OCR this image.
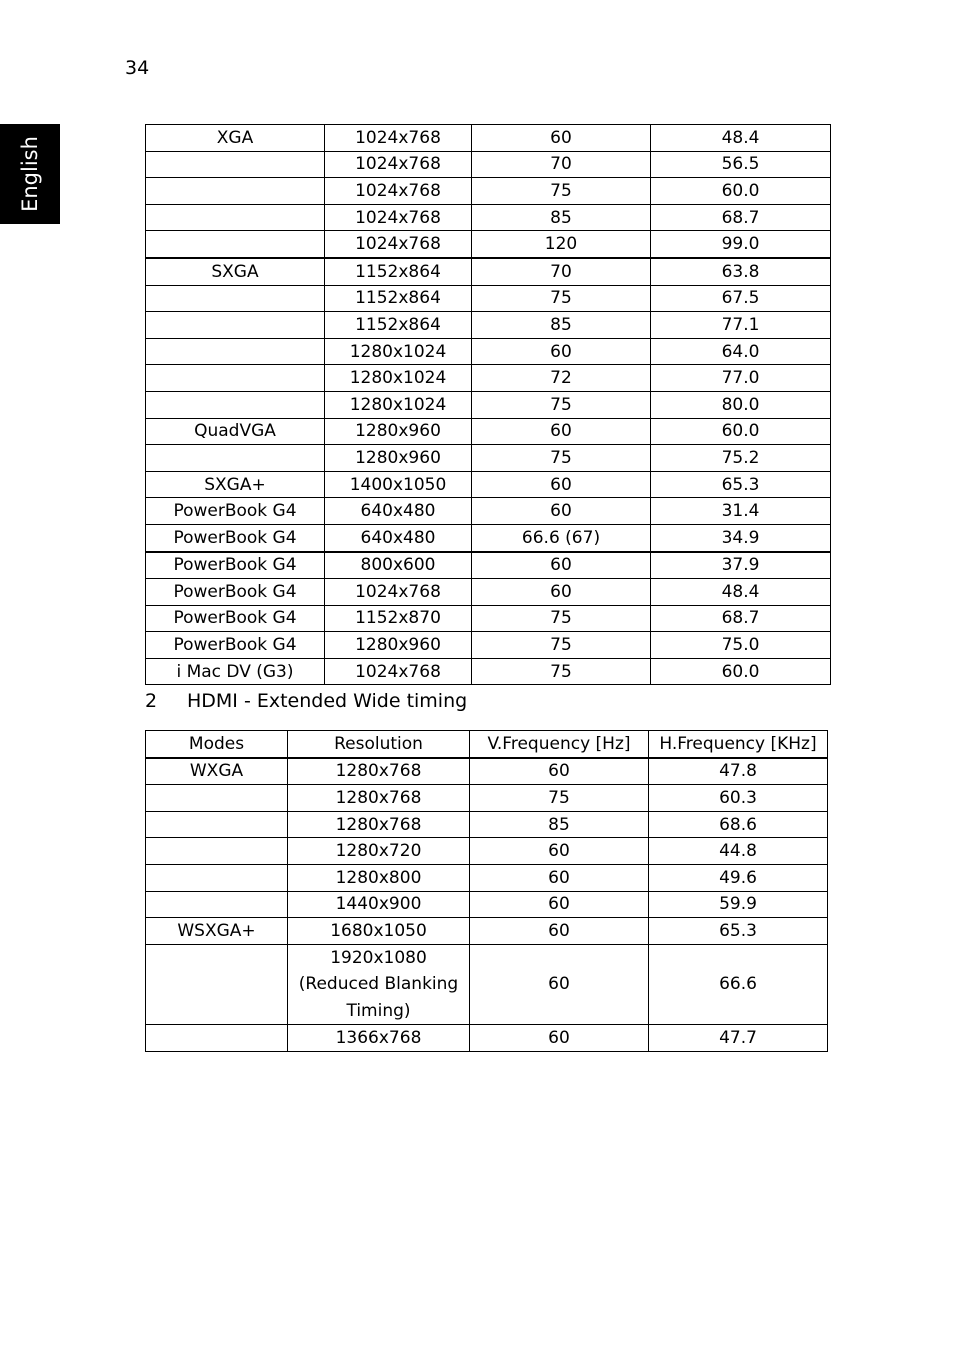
34
English	XGA	1024x768	60	48.4
	1024x768	70	56.5
	1024x768	75	60.0
	1024x768	85	68.7
	1024x768	120	99.0
SXGA	1152x864	70	63.8
	1152x864	75	67.5
	1152x864	85	77.1
	1280x1024	60	64.0
	1280x1024	72	77.0
	1280x1024	75	80.0
QuadVGA	1280x960	60	60.0
	1280x960	75	75.2
SXGA+	1400x1050	60	65.3
PowerBook G4	640x480	60	31.4
PowerBook G4	640x480	66.6 (67)	34.9
PowerBook G4	800x600	60	37.9
PowerBook G4	1024x768	60	48.4
PowerBook G4	1152x870	75	68.7
PowerBook G4	1280x960	75	75.0
i Mac DV (G3)	1024x768	75	60.0
2 HDMI - Extended Wide timing
Modes	Resolution	V.Frequency [Hz]	H.Frequency [KHz]
WXGA	1280x768	60	47.8
	1280x768	75	60.3
	1280x768	85	68.6
	1280x720	60	44.8
	1280x800	60	49.6
	1440x900	60	59.9
WSXGA+	1680x1050	60	65.3
	1920x1080 (Reduced Blanking Timing)	60	66.6
	1366x768	60	47.7
